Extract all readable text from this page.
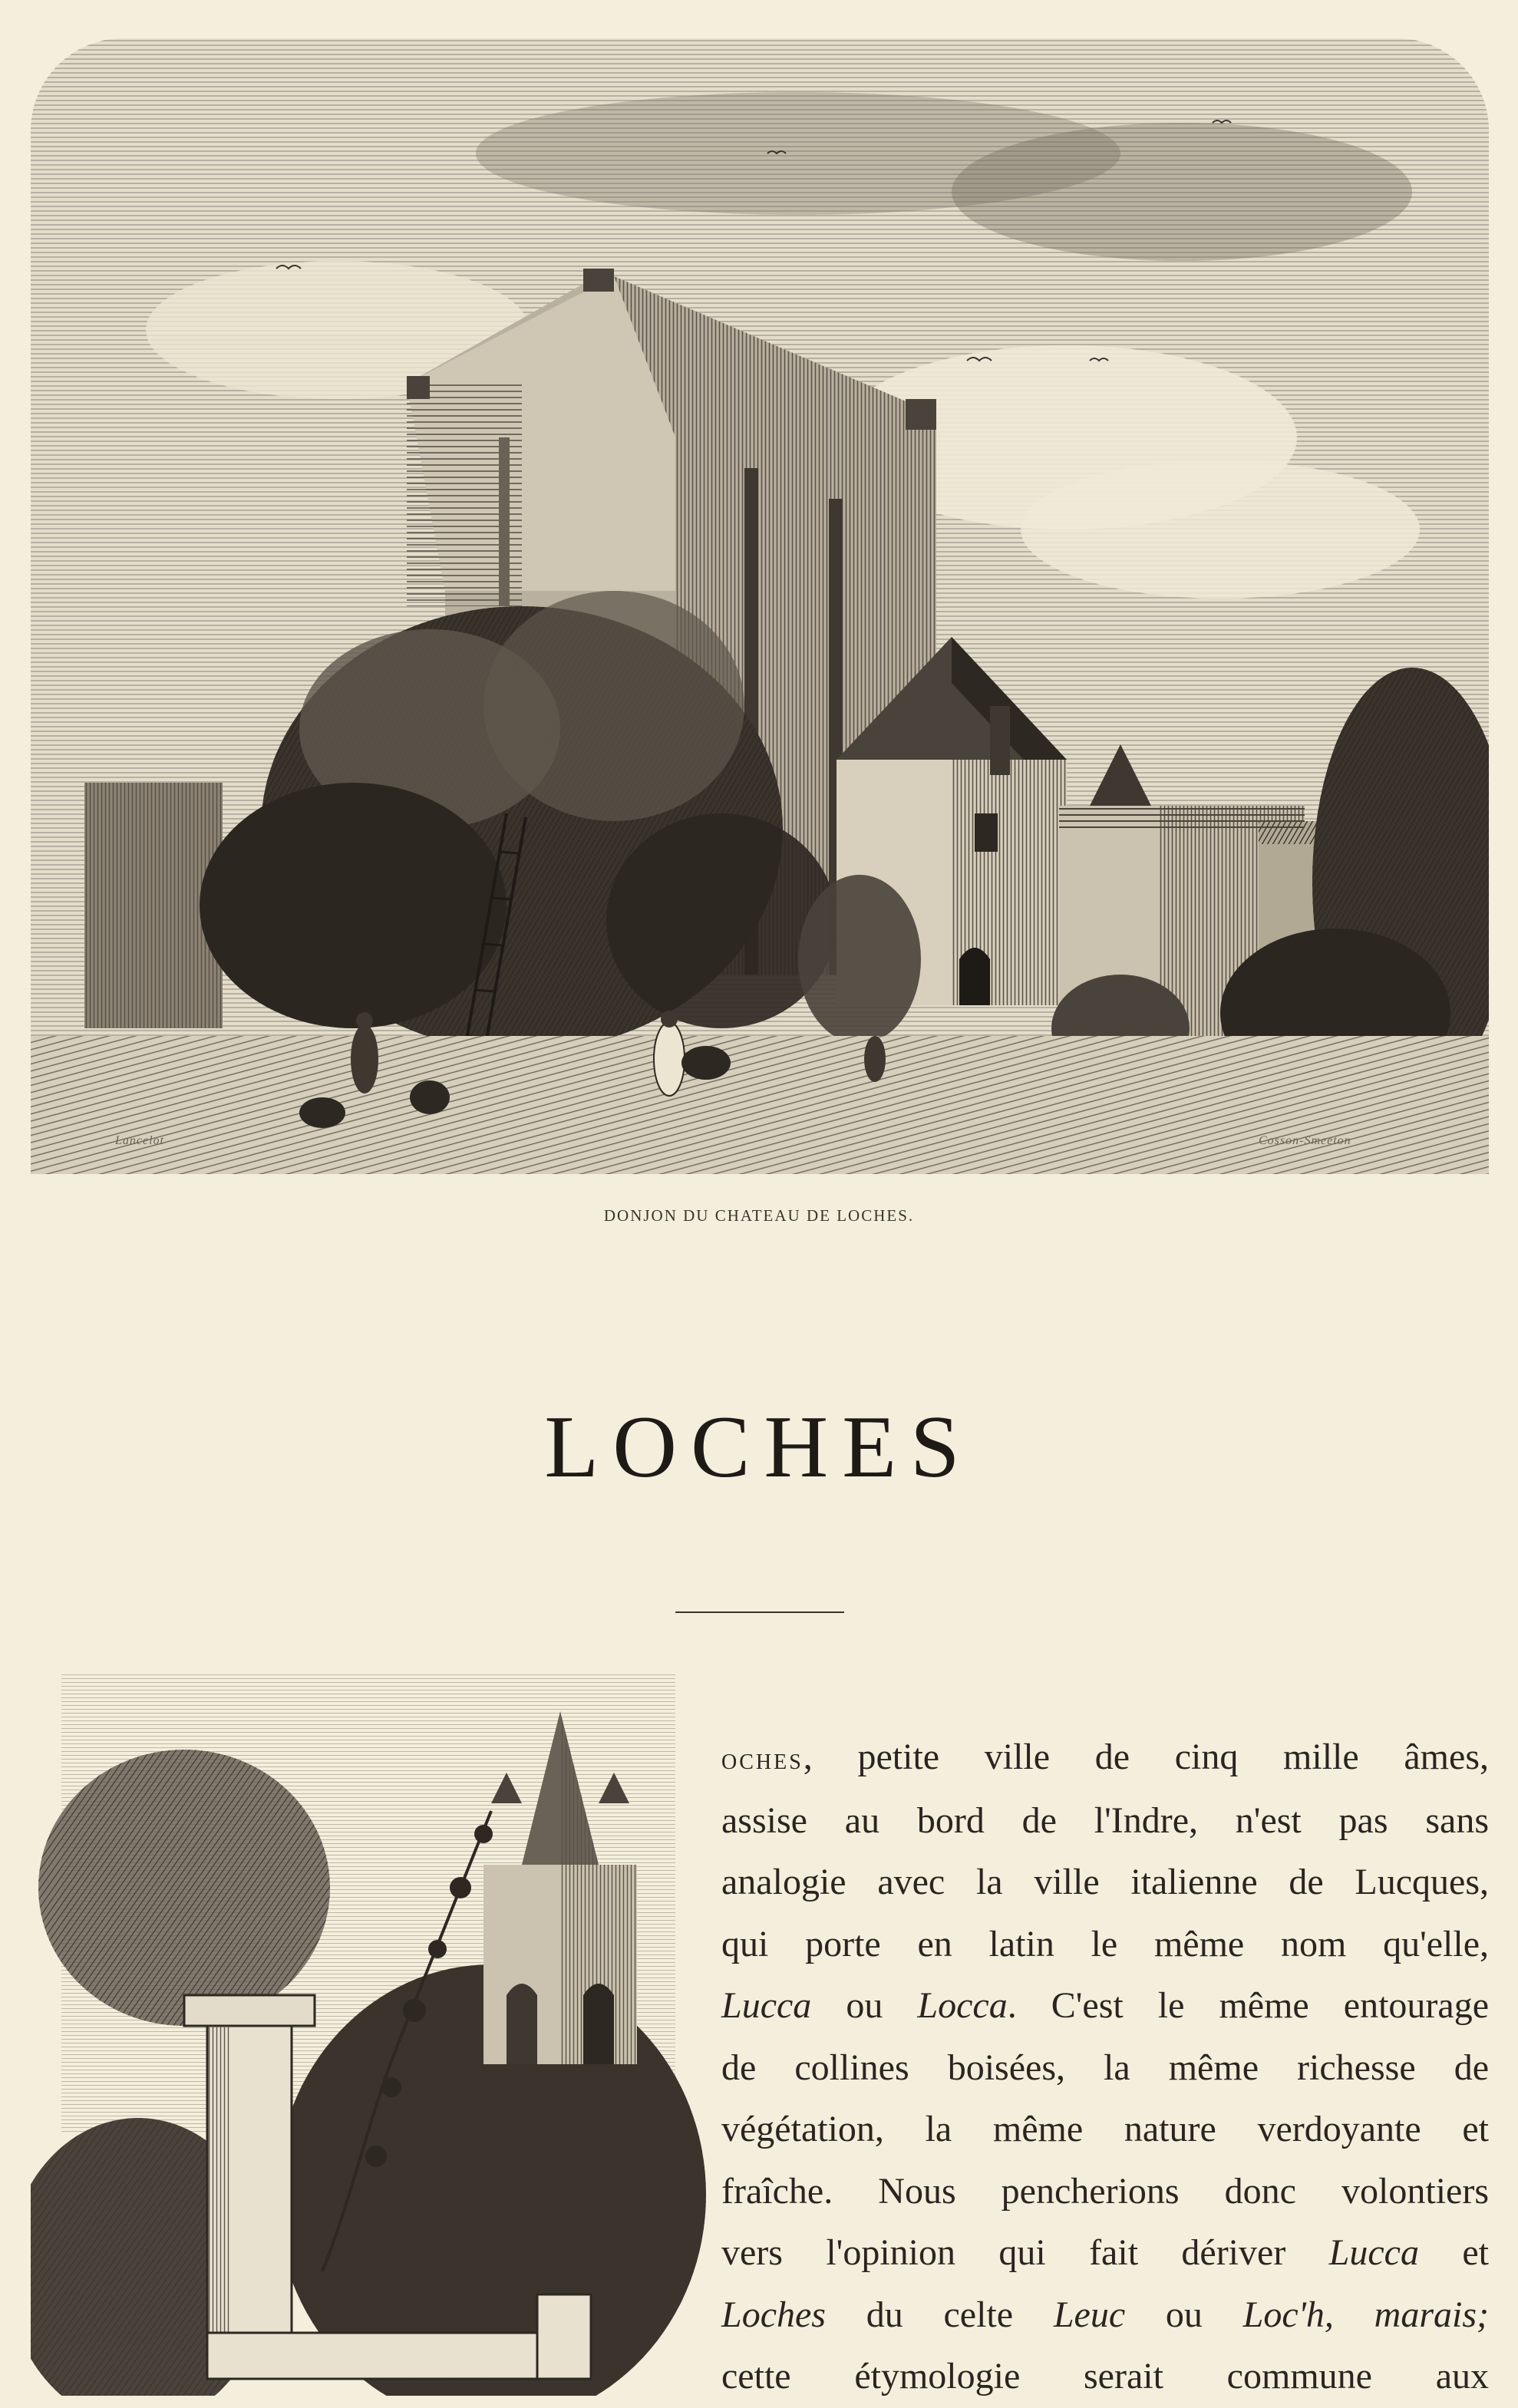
Lancelot	Cosson-Smeeton
DONJON DU CHATEAU DE LOCHES.
LOCHES
oches, petite ville de cinq mille âmes,
assise au bord de l'Indre, n'est pas sans
analogie avec la ville italienne de Lucques,
qui porte en latin le même nom qu'elle,
Lucca ou Locca. C'est le même entourage
de collines boisées, la même richesse de
végétation, la même nature verdoyante et
fraîche. Nous pencherions donc volontiers
vers l'opinion qui fait dériver Lucca et
Loches du celte Leuc ou Loc'h, marais;
cette étymologie serait commune aux
